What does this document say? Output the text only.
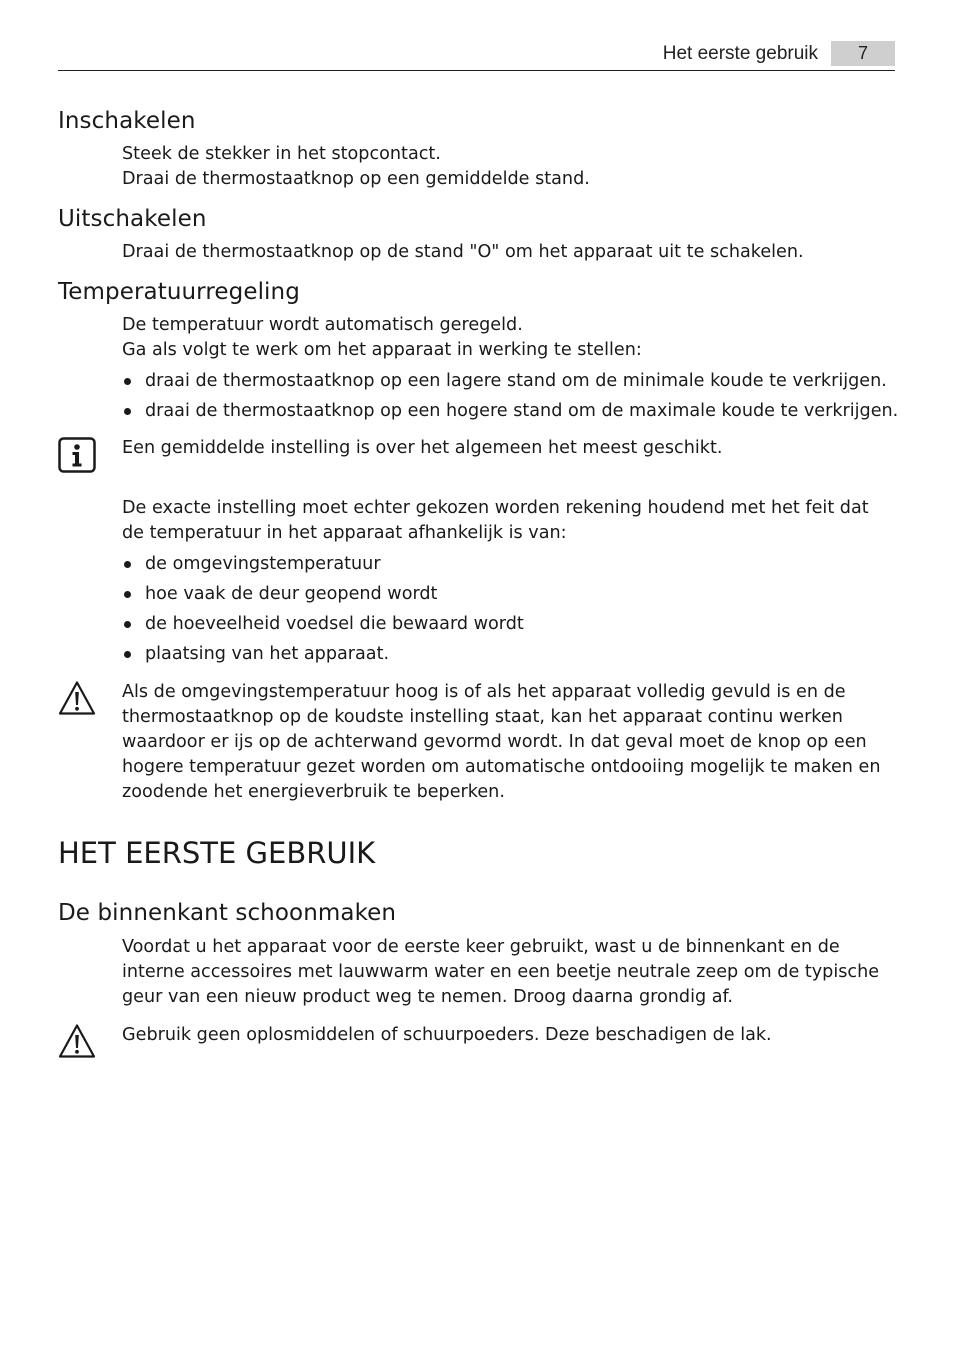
Het eerste gebruik	7
Inschakelen
Steek de stekker in het stopcontact.
Draai de thermostaatknop op een gemiddelde stand.
Uitschakelen
Draai de thermostaatknop op de stand "O" om het apparaat uit te schakelen.
Temperatuurregeling
De temperatuur wordt automatisch geregeld.
Ga als volgt te werk om het apparaat in werking te stellen:
draai de thermostaatknop op een lagere stand om de minimale koude te verkrijgen.
draai de thermostaatknop op een hogere stand om de maximale koude te verkrijgen.
Een gemiddelde instelling is over het algemeen het meest geschikt.
De exacte instelling moet echter gekozen worden rekening houdend met het feit dat de temperatuur in het apparaat afhankelijk is van:
de omgevingstemperatuur
hoe vaak de deur geopend wordt
de hoeveelheid voedsel die bewaard wordt
plaatsing van het apparaat.
Als de omgevingstemperatuur hoog is of als het apparaat volledig gevuld is en de thermostaatknop op de koudste instelling staat, kan het apparaat continu werken waardoor er ijs op de achterwand gevormd wordt. In dat geval moet de knop op een hogere temperatuur gezet worden om automatische ontdooiing mogelijk te maken en zoodende het energieverbruik te beperken.
HET EERSTE GEBRUIK
De binnenkant schoonmaken
Voordat u het apparaat voor de eerste keer gebruikt, wast u de binnenkant en de interne accessoires met lauwwarm water en een beetje neutrale zeep om de typische geur van een nieuw product weg te nemen. Droog daarna grondig af.
Gebruik geen oplosmiddelen of schuurpoeders. Deze beschadigen de lak.
